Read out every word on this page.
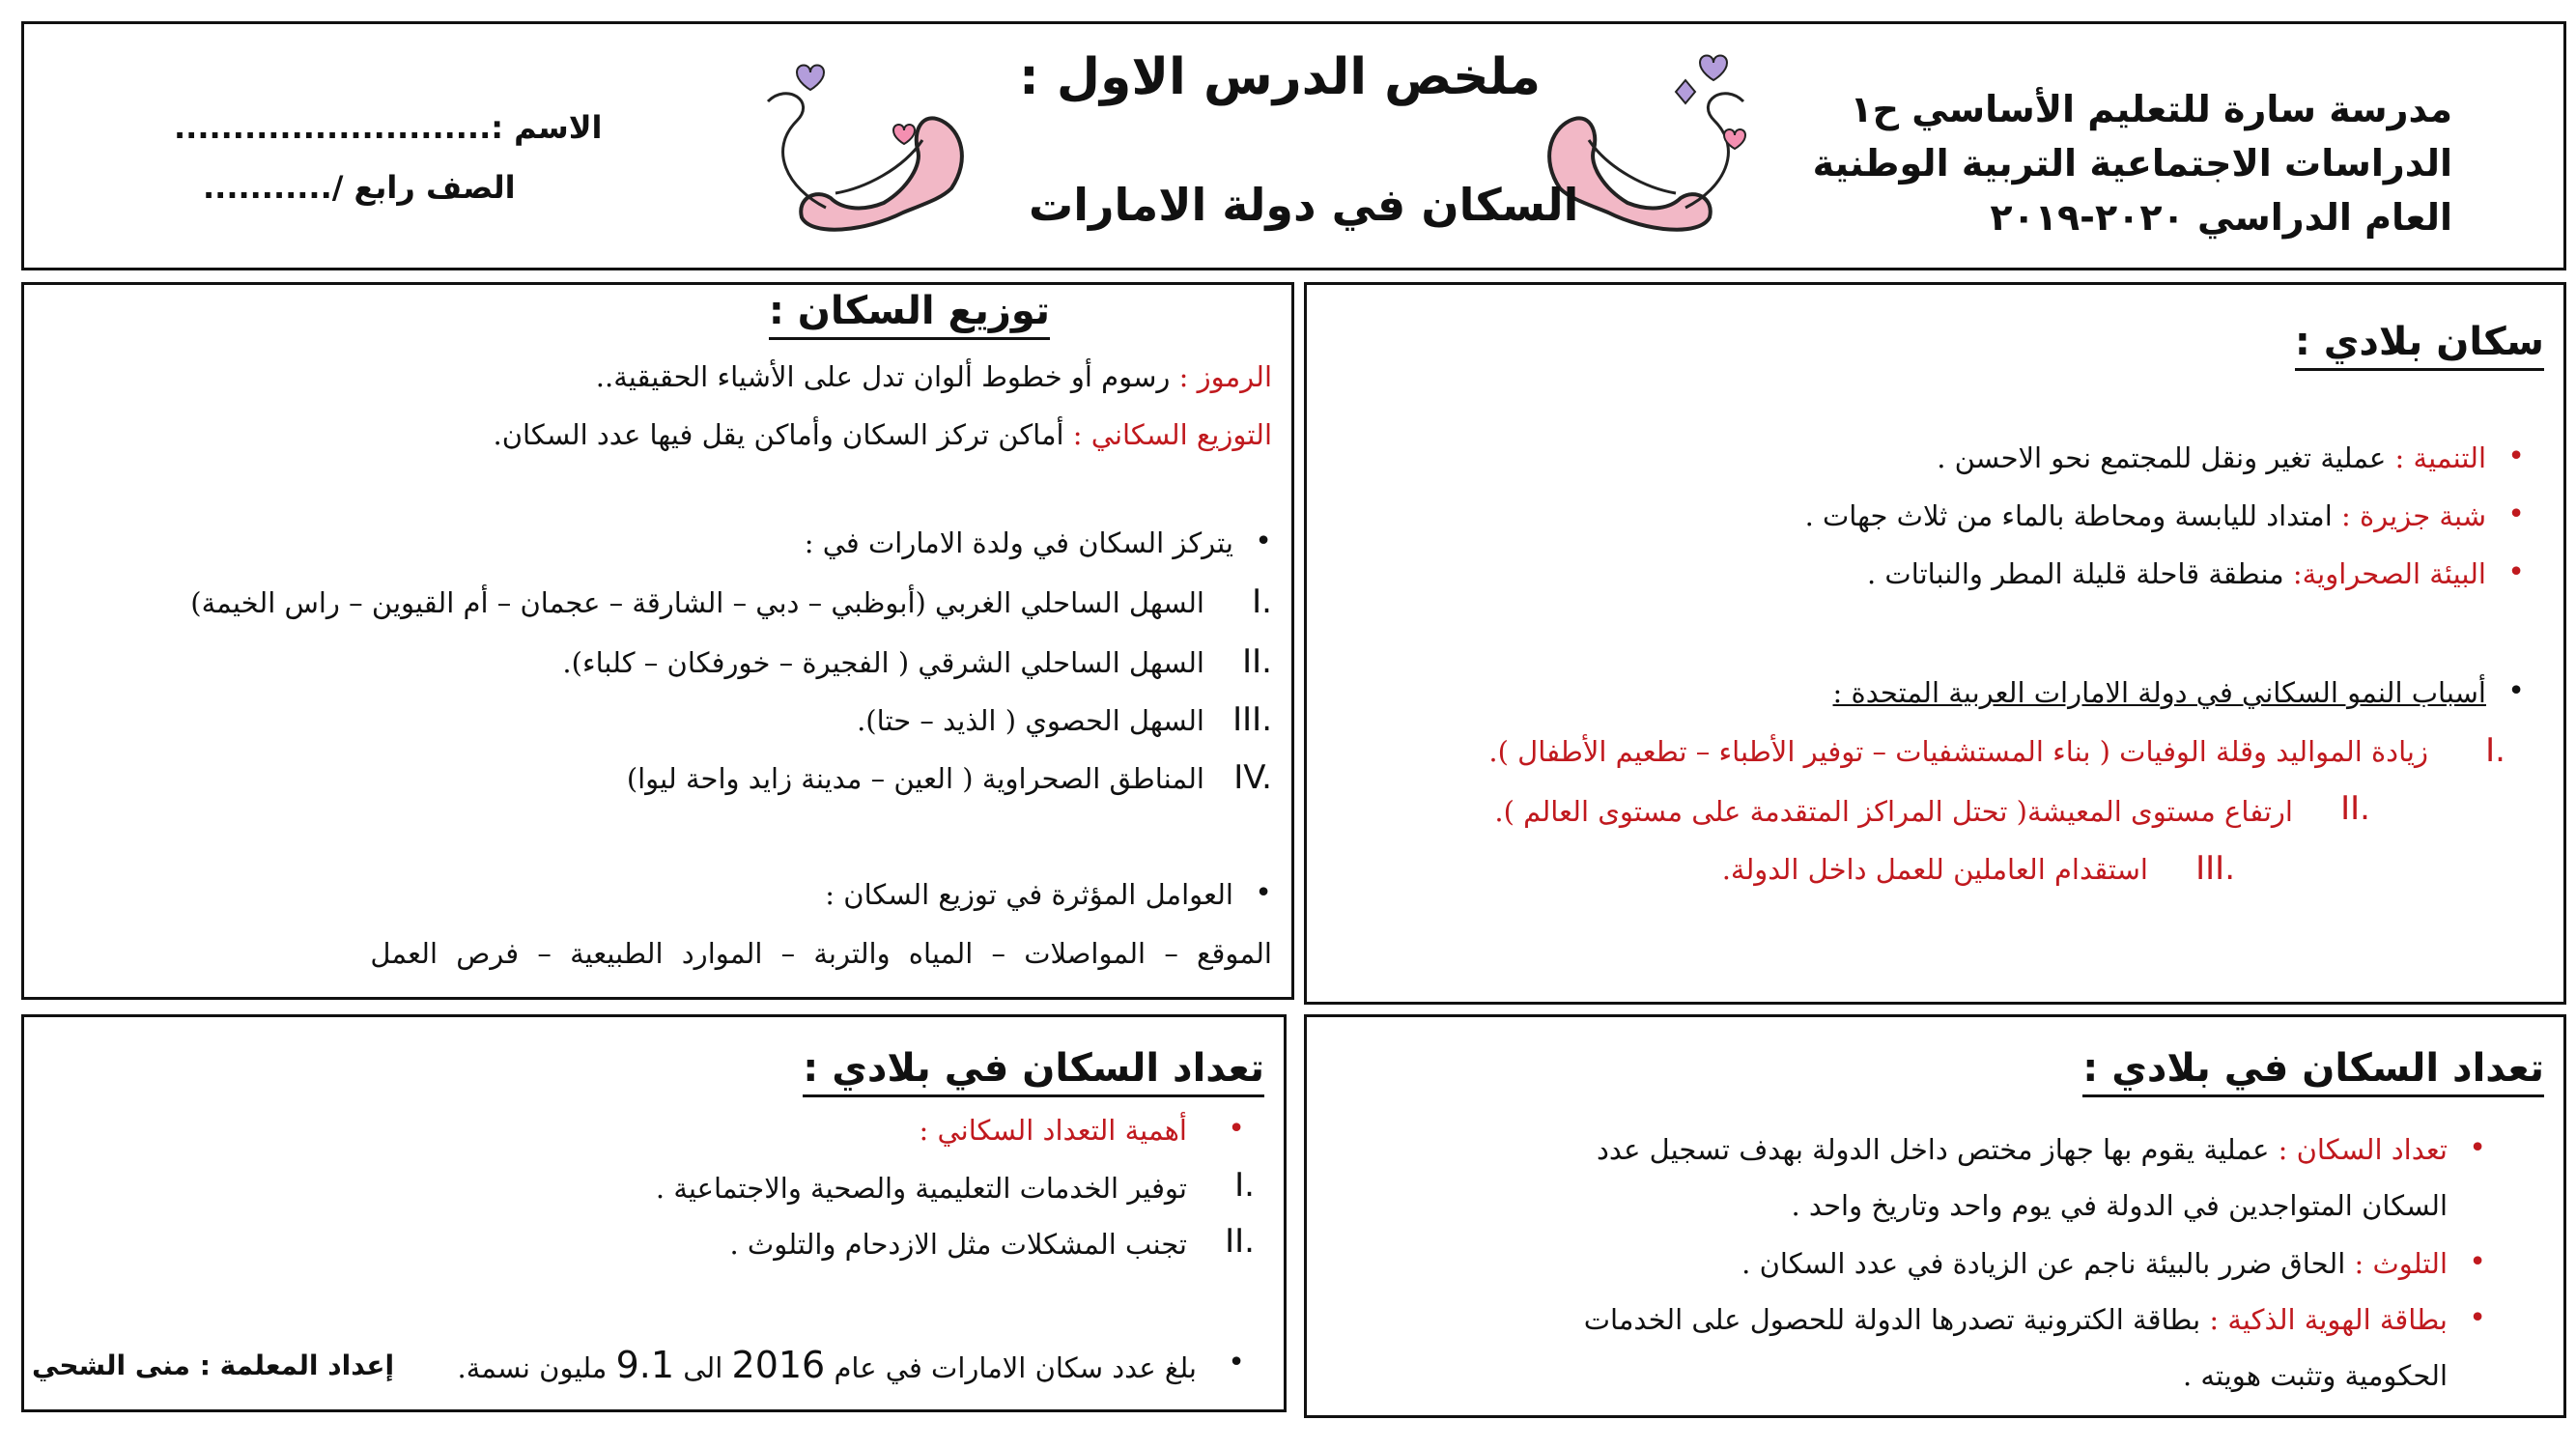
مدرسة سارة للتعليم الأساسي ح١
الدراسات الاجتماعية التربية الوطنية
العام الدراسي ٢٠٢٠-٢٠١٩
ملخص الدرس الاول :
السكان في دولة الامارات
الاسم :...........................
الصف رابع /...........
سكان بلادي :
التنمية : عملية تغير ونقل للمجتمع نحو الاحسن .	•
شبة جزيرة : امتداد لليابسة ومحاطة بالماء من ثلاث جهات .	•
البيئة الصحراوية: منطقة قاحلة قليلة المطر والنباتات .	•
أسباب النمو السكاني في دولة الامارات العربية المتحدة : •
I.
زيادة المواليد وقلة الوفيات ( بناء المستشفيات – توفير الأطباء – تطعيم الأطفال ).
II.
ارتفاع مستوى المعيشة( تحتل المراكز المتقدمة على مستوى العالم ).
III.
استقدام العاملين للعمل داخل الدولة.
توزيع السكان :
الرموز : رسوم أو خطوط ألوان تدل على الأشياء الحقيقية..
التوزيع السكاني : أماكن تركز السكان وأماكن يقل فيها عدد السكان.
•
يتركز السكان في ولدة الامارات في :
I.
السهل الساحلي الغربي (أبوظبي – دبي – الشارقة – عجمان – أم القيوين – راس الخيمة)
II.
السهل الساحلي الشرقي ( الفجيرة – خورفكان – كلباء).
III.
السهل الحصوي ( الذيد – حتا).
IV.
المناطق الصحراوية ( العين – مدينة زايد واحة ليوا)
•
العوامل المؤثرة في توزيع السكان :
الموقع – المواصلات – المياه والتربة – الموارد الطبيعية – فرص العمل
تعداد السكان في بلادي :
•
تعداد السكان : عملية يقوم بها جهاز مختص داخل الدولة بهدف تسجيل عدد
السكان المتواجدين في الدولة في يوم واحد وتاريخ واحد .
•
التلوث : الحاق ضرر بالبيئة ناجم عن الزيادة في عدد السكان .
•
بطاقة الهوية الذكية : بطاقة الكترونية تصدرها الدولة للحصول على الخدمات
الحكومية وتثبت هويته .
تعداد السكان في بلادي :
•
أهمية التعداد السكاني :
I.
توفير الخدمات التعليمية والصحية والاجتماعية .
II.
تجنب المشكلات مثل الازدحام والتلوث .
•
بلغ عدد سكان الامارات في عام 2016 الى 9.1 مليون نسمة.
إعداد المعلمة : منى الشحي
